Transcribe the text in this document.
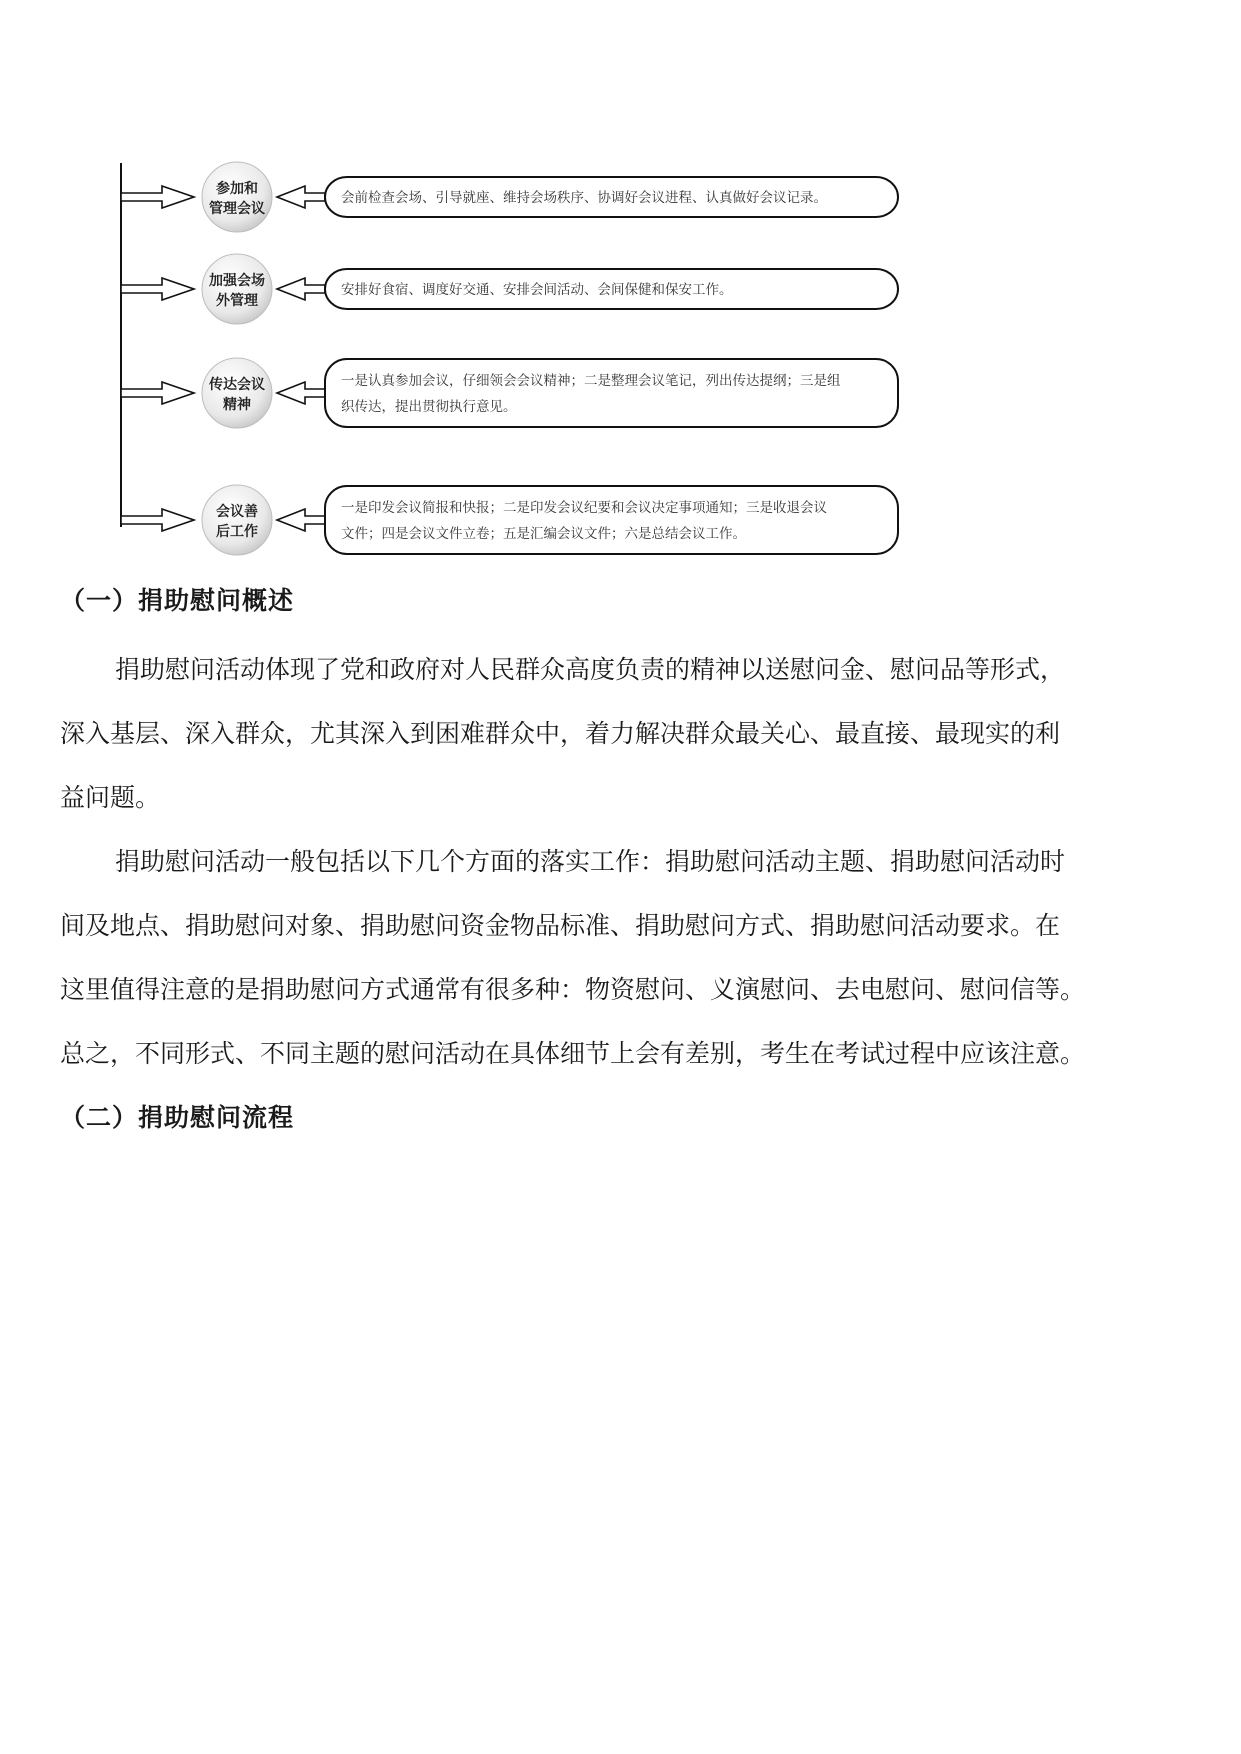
参加和
管理会议
会前检查会场、引导就座、维持会场秩序、协调好会议进程、认真做好会议记录。
加强会场
外管理
安排好食宿、调度好交通、安排会间活动、会间保健和保安工作。
传达会议
精神
一是认真参加会议，仔细领会会议精神；二是整理会议笔记，列出传达提纲；三是组
织传达，提出贯彻执行意见。
会议善
后工作
一是印发会议简报和快报；二是印发会议纪要和会议决定事项通知；三是收退会议
文件；四是会议文件立卷；五是汇编会议文件；六是总结会议工作。
（一）捐助慰问概述

捐助慰问活动体现了党和政府对人民群众高度负责的精神以送慰问金、慰问品等形式，
深入基层、深入群众，尤其深入到困难群众中，着力解决群众最关心、最直接、最现实的利
益问题。

捐助慰问活动一般包括以下几个方面的落实工作：捐助慰问活动主题、捐助慰问活动时
间及地点、捐助慰问对象、捐助慰问资金物品标准、捐助慰问方式、捐助慰问活动要求。在
这里值得注意的是捐助慰问方式通常有很多种：物资慰问、义演慰问、去电慰问、慰问信等。
总之，不同形式、不同主题的慰问活动在具体细节上会有差别，考生在考试过程中应该注意。

（二）捐助慰问流程
